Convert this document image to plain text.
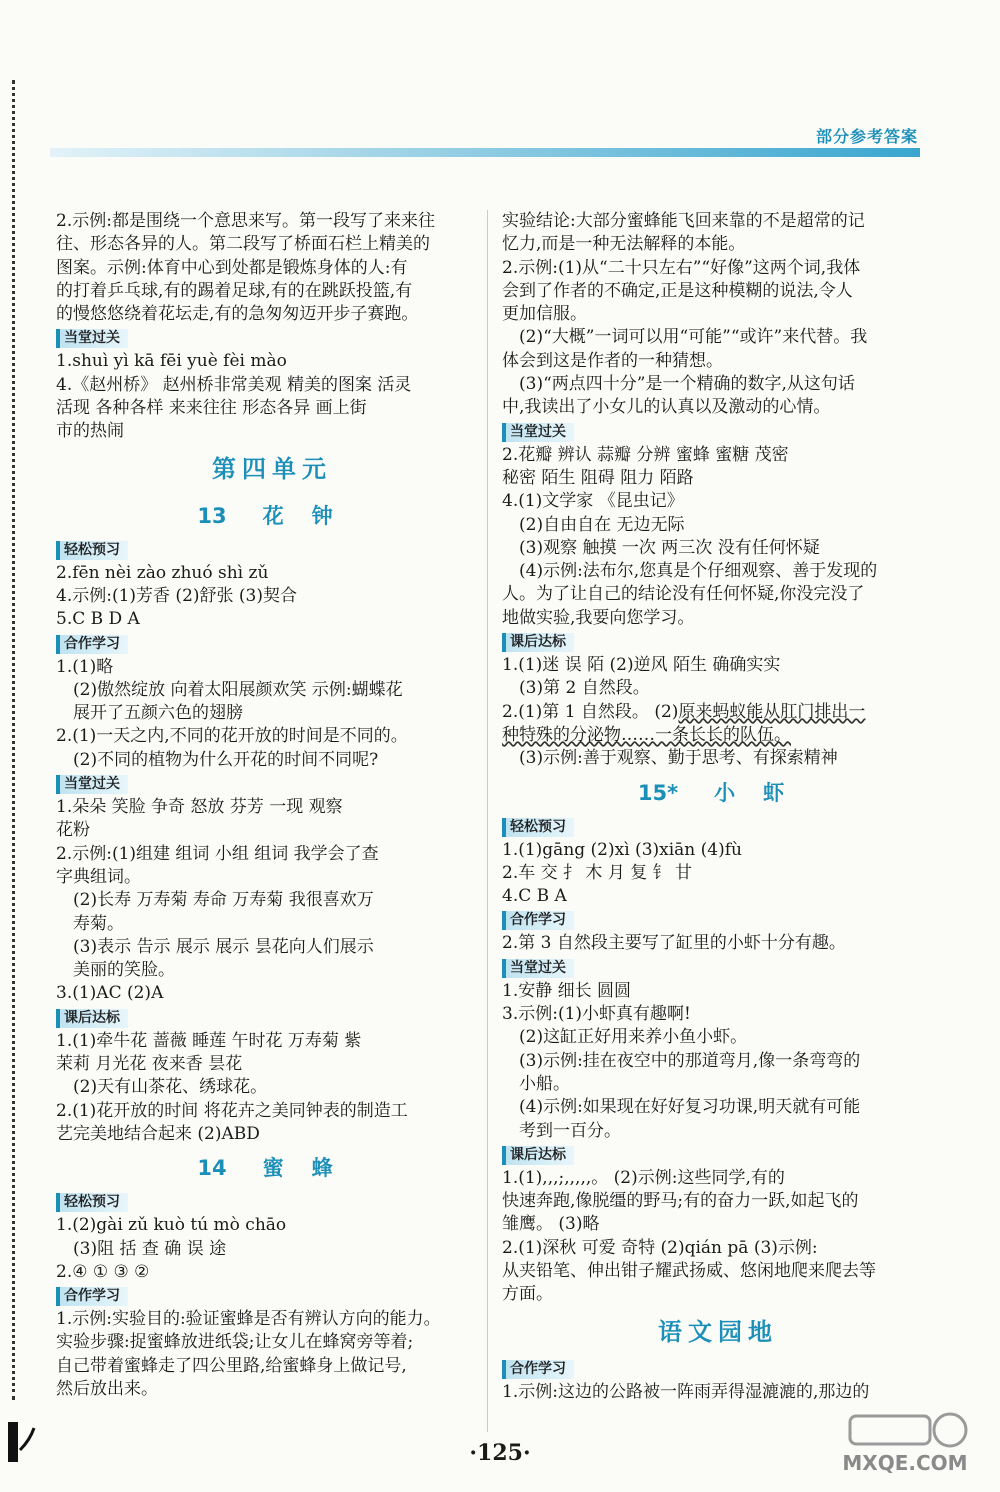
部分参考答案
2.示例:都是围绕一个意思来写。第一段写了来来往
往、形态各异的人。第二段写了桥面石栏上精美的
图案。示例:体育中心到处都是锻炼身体的人:有
的打着乒乓球,有的踢着足球,有的在跳跃投篮,有
的慢悠悠绕着花坛走,有的急匆匆迈开步子赛跑。
当堂过关
1.shuì yì kā fēi yuè fèi mào
4.《赵州桥》 赵州桥非常美观 精美的图案 活灵
活现 各种各样 来来往往 形态各异 画上街
市的热闹
第四单元
13 花 钟
轻松预习
2.fēn nèi zào zhuó shì zǔ
4.示例:(1)芳香 (2)舒张 (3)契合
5.C B D A
合作学习
1.(1)略
(2)傲然绽放 向着太阳展颜欢笑 示例:蝴蝶花
展开了五颜六色的翅膀
2.(1)一天之内,不同的花开放的时间是不同的。
(2)不同的植物为什么开花的时间不同呢?
当堂过关
1.朵朵 笑脸 争奇 怒放 芬芳 一现 观察
花粉
2.示例:(1)组建 组词 小组 组词 我学会了查
字典组词。
(2)长寿 万寿菊 寿命 万寿菊 我很喜欢万
寿菊。
(3)表示 告示 展示 展示 昙花向人们展示
美丽的笑脸。
3.(1)AC (2)A
课后达标
1.(1)牵牛花 蔷薇 睡莲 午时花 万寿菊 紫
茉莉 月光花 夜来香 昙花
(2)天有山茶花、绣球花。
2.(1)花开放的时间 将花卉之美同钟表的制造工
艺完美地结合起来 (2)ABD
14 蜜 蜂
轻松预习
1.(2)gài zǔ kuò tú mò chāo
(3)阻 括 查 确 误 途
2.④ ① ③ ②
合作学习
1.示例:实验目的:验证蜜蜂是否有辨认方向的能力。
实验步骤:捉蜜蜂放进纸袋;让女儿在蜂窝旁等着;
自己带着蜜蜂走了四公里路,给蜜蜂身上做记号,
然后放出来。
实验结论:大部分蜜蜂能飞回来靠的不是超常的记
忆力,而是一种无法解释的本能。
2.示例:(1)从“二十只左右”“好像”这两个词,我体
会到了作者的不确定,正是这种模糊的说法,令人
更加信服。
(2)“大概”一词可以用“可能”“或许”来代替。我
体会到这是作者的一种猜想。
(3)“两点四十分”是一个精确的数字,从这句话
中,我读出了小女儿的认真以及激动的心情。
当堂过关
2.花瓣 辨认 蒜瓣 分辨 蜜蜂 蜜糖 茂密
秘密 陌生 阻碍 阻力 陌路
4.(1)文学家 《昆虫记》
(2)自由自在 无边无际
(3)观察 触摸 一次 两三次 没有任何怀疑
(4)示例:法布尔,您真是个仔细观察、善于发现的
人。为了让自己的结论没有任何怀疑,你没完没了
地做实验,我要向您学习。
课后达标
1.(1)迷 误 陌 (2)逆风 陌生 确确实实
(3)第 2 自然段。
2.(1)第 1 自然段。 (2)原来蚂蚁能从肛门排出一
种特殊的分泌物……一条长长的队伍。
(3)示例:善于观察、勤于思考、有探索精神
15* 小 虾
轻松预习
1.(1)gāng (2)xì (3)xiān (4)fù
2.车 交 扌 木 月 复 钅 甘
4.C B A
合作学习
2.第 3 自然段主要写了缸里的小虾十分有趣。
当堂过关
1.安静 细长 圆圆
3.示例:(1)小虾真有趣啊!
(2)这缸正好用来养小鱼小虾。
(3)示例:挂在夜空中的那道弯月,像一条弯弯的
小船。
(4)示例:如果现在好好复习功课,明天就有可能
考到一百分。
课后达标
1.(1),,,;,,,,,。 (2)示例:这些同学,有的
快速奔跑,像脱缰的野马;有的奋力一跃,如起飞的
雏鹰。 (3)略
2.(1)深秋 可爱 奇特 (2)qián pā (3)示例:
从夹铅笔、伸出钳子耀武扬威、悠闲地爬来爬去等
方面。
语文园地
合作学习
1.示例:这边的公路被一阵雨弄得湿漉漉的,那边的
·125·	MXQE.COM
